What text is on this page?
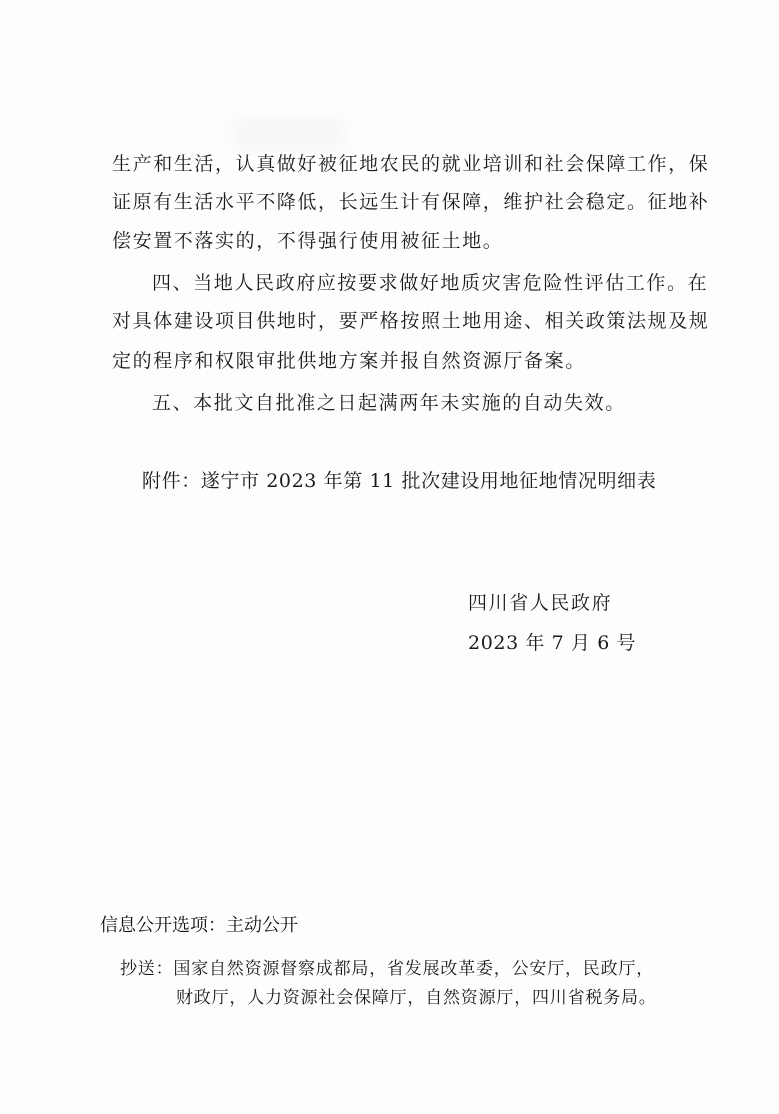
生产和生活，认真做好被征地农民的就业培训和社会保障工作，保
证原有生活水平不降低，长远生计有保障，维护社会稳定。征地补
偿安置不落实的，不得强行使用被征土地。
四、当地人民政府应按要求做好地质灾害危险性评估工作。在
对具体建设项目供地时，要严格按照土地用途、相关政策法规及规
定的程序和权限审批供地方案并报自然资源厅备案。
五、本批文自批准之日起满两年未实施的自动失效。
附件：遂宁市 2023 年第 11 批次建设用地征地情况明细表
四川省人民政府
2023 年 7 月 6 号
信息公开选项：主动公开
抄送：国家自然资源督察成都局，省发展改革委，公安厅，民政厅，
财政厅，人力资源社会保障厅，自然资源厅，四川省税务局。
